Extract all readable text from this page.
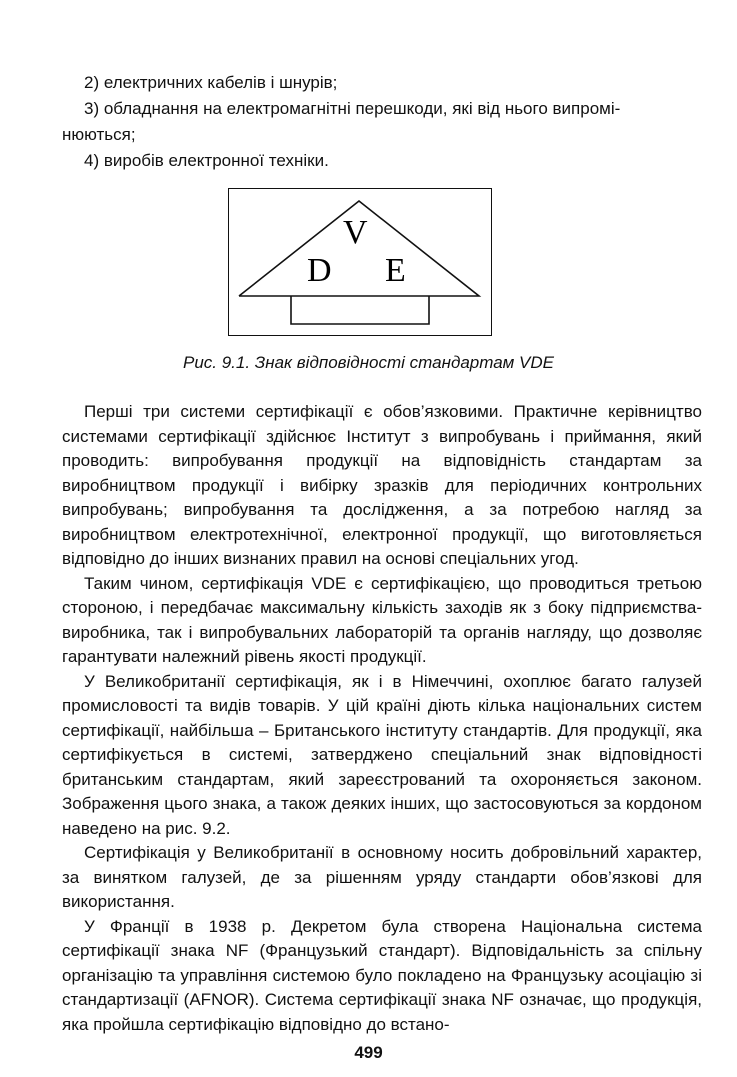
2) електричних кабелів і шнурів;

3) обладнання на електромагнітні перешкоди, які від нього випромі-

нюються;

4) виробів електронної техніки.

V
D E
Рис. 9.1. Знак відповідності стандартам VDE

Перші три системи сертифікації є обов’язковими. Практичне керівництво системами сертифікації здійснює Інститут з випробувань і приймання, який проводить: випробування продукції на відповідність стандартам за виробництвом продукції і вибірку зразків для періодичних контрольних випробувань; випробування та дослідження, а за потребою нагляд за виробництвом електротехнічної, електронної продукції, що виготовляється відповідно до інших визнаних правил на основі спеціальних угод.

Таким чином, сертифікація VDE є сертифікацією, що проводиться третьою стороною, і передбачає максимальну кількість заходів як з боку підприємства-виробника, так і випробувальних лабораторій та органів нагляду, що дозволяє гарантувати належний рівень якості продукції.

У Великобританії сертифікація, як і в Німеччині, охоплює багато галузей промисловості та видів товарів. У цій країні діють кілька національних систем сертифікації, найбільша – Британського інституту стандартів. Для продукції, яка сертифікується в системі, затверджено спеціальний знак відповідності британським стандартам, який зареєстрований та охороняється законом. Зображення цього знака, а також деяких інших, що застосовуються за кордоном наведено на рис. 9.2.

Сертифікація у Великобританії в основному носить добровільний характер, за винятком галузей, де за рішенням уряду стандарти обов’язкові для використання.

У Франції в 1938 р. Декретом була створена Національна система сертифікації знака NF (Французький стандарт). Відповідальність за спільну організацію та управління системою було покладено на Французьку асоціацію зі стандартизації (AFNOR). Система сертифікації знака NF означає, що продукція, яка пройшла сертифікацію відповідно до встано-

499
